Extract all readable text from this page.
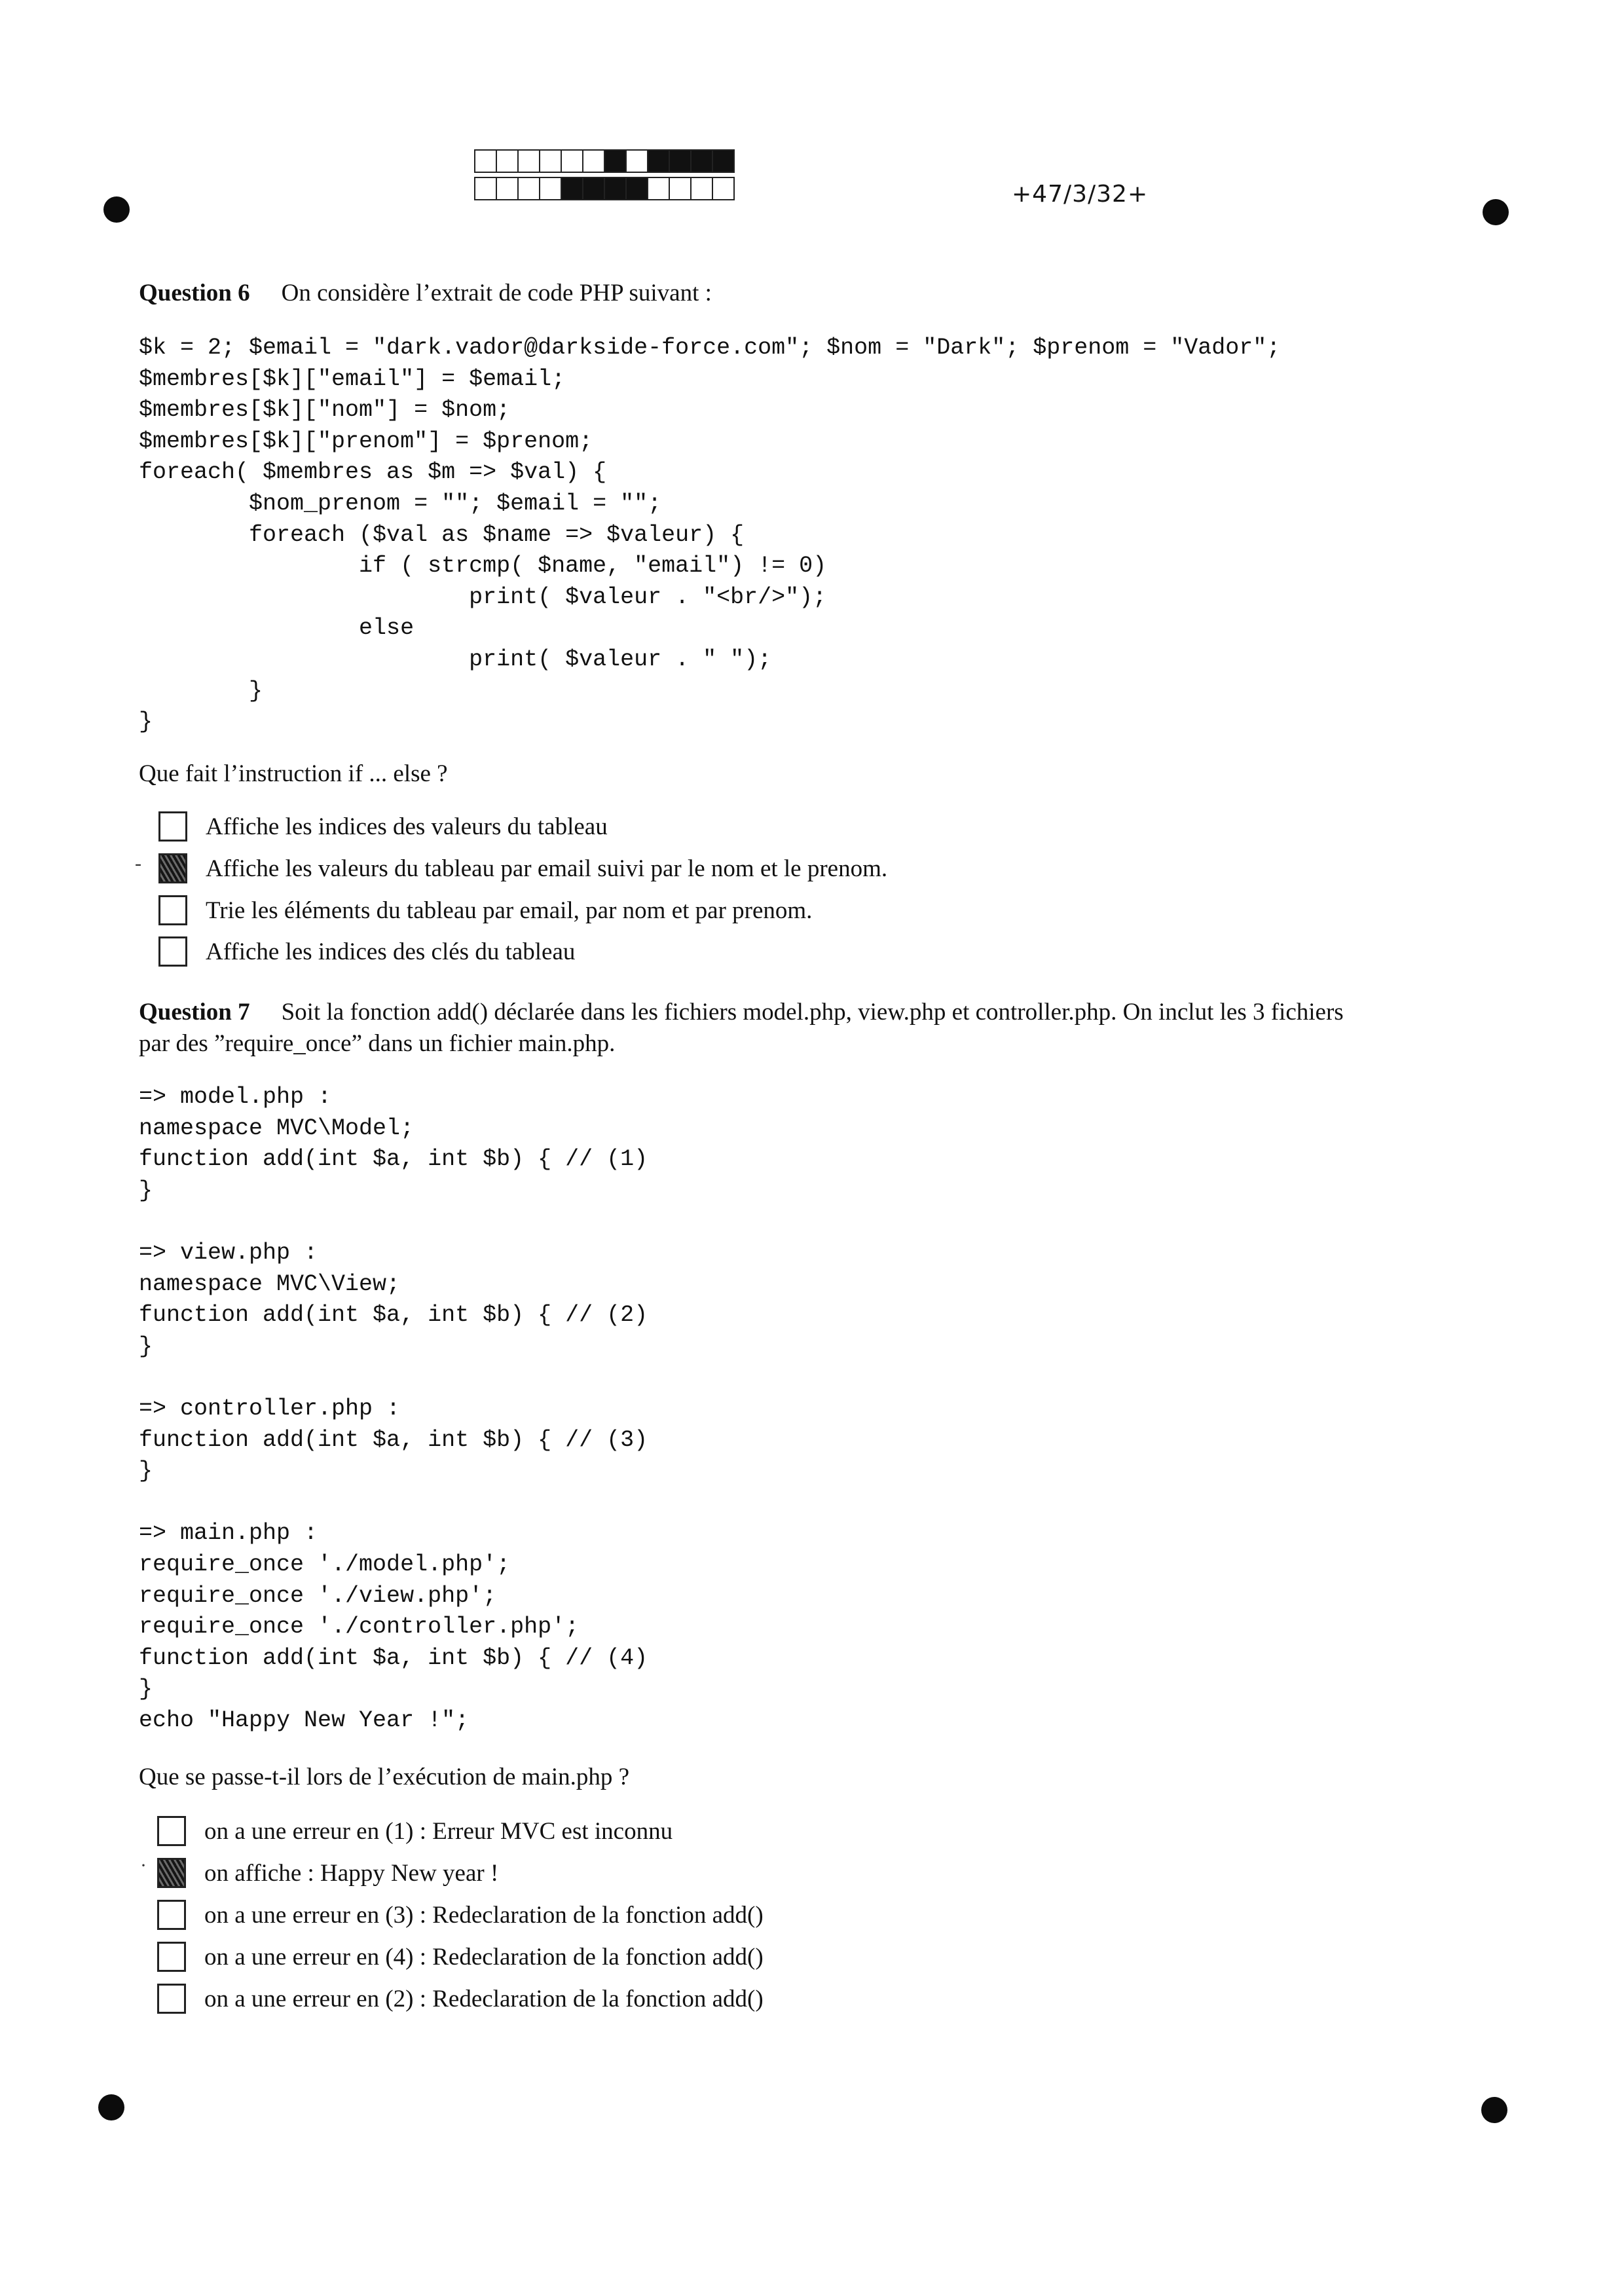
+47/3/32+
Question 6 On considère l’extrait de code PHP suivant :
$k = 2; $email = "dark.vador@darkside-force.com"; $nom = "Dark"; $prenom = "Vador";
$membres[$k]["email"] = $email;
$membres[$k]["nom"] = $nom;
$membres[$k]["prenom"] = $prenom;
foreach( $membres as $m => $val) {
$nom_prenom = ""; $email = "";
foreach ($val as $name => $valeur) {
if ( strcmp( $name, "email") != 0)
print( $valeur . "<br/>");
else
print( $valeur . " ");
}
}
Que fait l’instruction if ... else ?
Affiche les indices des valeurs du tableau
-	Affiche les valeurs du tableau par email suivi par le nom et le prenom.
Trie les éléments du tableau par email, par nom et par prenom.
Affiche les indices des clés du tableau
Question 7 Soit la fonction add() déclarée dans les fichiers model.php, view.php et controller.php. On inclut les 3 fichiers
par des ”require_once” dans un fichier main.php.
=> model.php :
namespace MVC\Model;
function add(int $a, int $b) { // (1)
}

=> view.php :
namespace MVC\View;
function add(int $a, int $b) { // (2)
}

=> controller.php :
function add(int $a, int $b) { // (3)
}

=> main.php :
require_once './model.php';
require_once './view.php';
require_once './controller.php';
function add(int $a, int $b) { // (4)
}
echo "Happy New Year !";
Que se passe-t-il lors de l’exécution de main.php ?
on a une erreur en (1) : Erreur MVC est inconnu
· on affiche : Happy New year !
on a une erreur en (3) : Redeclaration de la fonction add()
on a une erreur en (4) : Redeclaration de la fonction add()
on a une erreur en (2) : Redeclaration de la fonction add()
